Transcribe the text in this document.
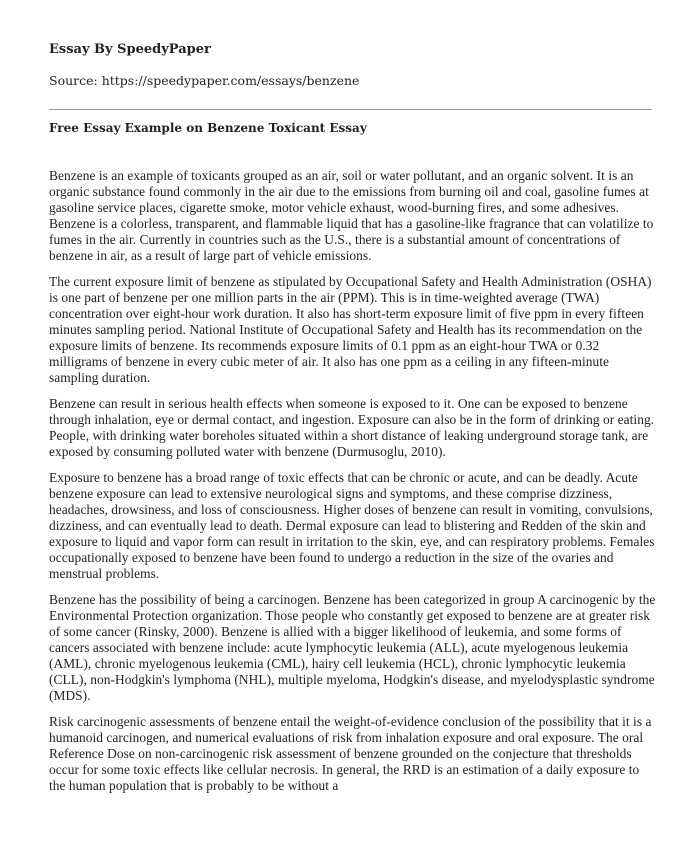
Essay By SpeedyPaper
Source: https://speedypaper.com/essays/benzene
Free Essay Example on Benzene Toxicant Essay

Benzene is an example of toxicants grouped as an air, soil or water pollutant, and an organic solvent. It is an organic substance found commonly in the air due to the emissions from burning oil and coal, gasoline fumes at gasoline service places, cigarette smoke, motor vehicle exhaust, wood-burning fires, and some adhesives. Benzene is a colorless, transparent, and flammable liquid that has a gasoline-like fragrance that can volatilize to fumes in the air. Currently in countries such as the U.S., there is a substantial amount of concentrations of benzene in air, as a result of large part of vehicle emissions.

The current exposure limit of benzene as stipulated by Occupational Safety and Health Administration (OSHA) is one part of benzene per one million parts in the air (PPM). This is in time-weighted average (TWA) concentration over eight-hour work duration. It also has short-term exposure limit of five ppm in every fifteen minutes sampling period. National Institute of Occupational Safety and Health has its recommendation on the exposure limits of benzene. Its recommends exposure limits of 0.1 ppm as an eight-hour TWA or 0.32 milligrams of benzene in every cubic meter of air. It also has one ppm as a ceiling in any fifteen-minute sampling duration.

Benzene can result in serious health effects when someone is exposed to it. One can be exposed to benzene through inhalation, eye or dermal contact, and ingestion. Exposure can also be in the form of drinking or eating. People, with drinking water boreholes situated within a short distance of leaking underground storage tank, are exposed by consuming polluted water with benzene (Durmusoglu, 2010).

Exposure to benzene has a broad range of toxic effects that can be chronic or acute, and can be deadly. Acute benzene exposure can lead to extensive neurological signs and symptoms, and these comprise dizziness, headaches, drowsiness, and loss of consciousness. Higher doses of benzene can result in vomiting, convulsions, dizziness, and can eventually lead to death. Dermal exposure can lead to blistering and Redden of the skin and exposure to liquid and vapor form can result in irritation to the skin, eye, and can respiratory problems. Females occupationally exposed to benzene have been found to undergo a reduction in the size of the ovaries and menstrual problems.

Benzene has the possibility of being a carcinogen. Benzene has been categorized in group A carcinogenic by the Environmental Protection organization. Those people who constantly get exposed to benzene are at greater risk of some cancer (Rinsky, 2000). Benzene is allied with a bigger likelihood of leukemia, and some forms of cancers associated with benzene include: acute lymphocytic leukemia (ALL), acute myelogenous leukemia (AML), chronic myelogenous leukemia (CML), hairy cell leukemia (HCL), chronic lymphocytic leukemia (CLL), non-Hodgkin's lymphoma (NHL), multiple myeloma, Hodgkin's disease, and myelodysplastic syndrome (MDS).

Risk carcinogenic assessments of benzene entail the weight-of-evidence conclusion of the possibility that it is a humanoid carcinogen, and numerical evaluations of risk from inhalation exposure and oral exposure. The oral Reference Dose on non-carcinogenic risk assessment of benzene grounded on the conjecture that thresholds occur for some toxic effects like cellular necrosis. In general, the RRD is an estimation of a daily exposure to the human population that is probably to be without a
